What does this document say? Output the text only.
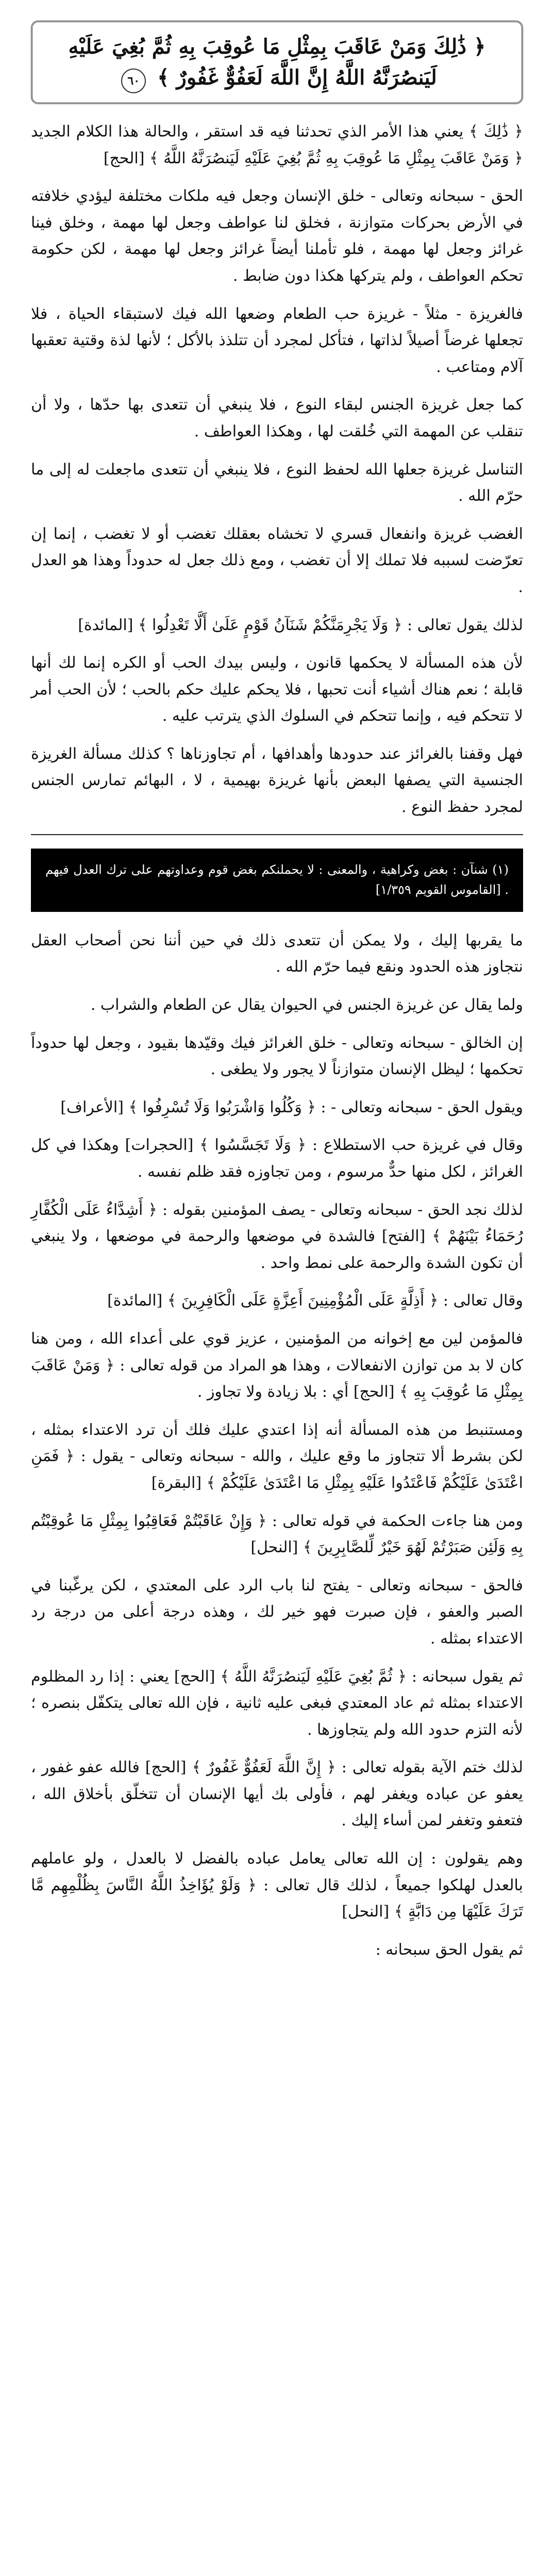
﴿ ذَٰلِكَ وَمَنْ عَاقَبَ بِمِثْلِ مَا عُوقِبَ بِهِ ثُمَّ بُغِيَ عَلَيْهِ لَيَنصُرَنَّهُ اللَّهُ إِنَّ اللَّهَ لَعَفُوٌّ غَفُورٌ ﴾ ٦٠

﴿ ذَٰلِكَ ﴾ يعني هذا الأمر الذي تحدثنا فيه قد استقر ، والحالة هذا الكلام الجديد ﴿ وَمَنْ عَاقَبَ بِمِثْلِ مَا عُوقِبَ بِهِ ثُمَّ بُغِيَ عَلَيْهِ لَيَنصُرَنَّهُ اللَّهُ ﴾ [الحج]

الحق - سبحانه وتعالى - خلق الإنسان وجعل فيه ملكات مختلفة ليؤدي خلافته في الأرض بحركات متوازنة ، فخلق لنا عواطف وجعل لها مهمة ، وخلق فينا غرائز وجعل لها مهمة ، فلو تأملنا أيضاً غرائز وجعل لها مهمة ، لكن حكومة تحكم العواطف ، ولم يتركها هكذا دون ضابط .

فالغريزة - مثلاً - غريزة حب الطعام وضعها الله فيك لاستبقاء الحياة ، فلا تجعلها غرضاً أصيلاً لذاتها ، فتأكل لمجرد أن تتلذذ بالأكل ؛ لأنها لذة وقتية تعقبها آلام ومتاعب .

كما جعل غريزة الجنس لبقاء النوع ، فلا ينبغي أن تتعدى بها حدّها ، ولا أن تنقلب عن المهمة التي خُلقت لها ، وهكذا العواطف .

التناسل غريزة جعلها الله لحفظ النوع ، فلا ينبغي أن تتعدى ماجعلت له إلى ما حرّم الله .

الغضب غريزة وانفعال قسري لا تخشاه بعقلك تغضب أو لا تغضب ، إنما إن تعرّضت لسببه فلا تملك إلا أن تغضب ، ومع ذلك جعل له حدوداً وهذا هو العدل .

لذلك يقول تعالى : ﴿ وَلَا يَجْرِمَنَّكُمْ شَنَآنُ قَوْمٍ عَلَىٰ أَلَّا تَعْدِلُوا ﴾ [المائدة]

لأن هذه المسألة لا يحكمها قانون ، وليس بيدك الحب أو الكره إنما لك أنها قابلة ؛ نعم هناك أشياء أنت تحبها ، فلا يحكم عليك حكم بالحب ؛ لأن الحب أمر لا تتحكم فيه ، وإنما تتحكم في السلوك الذي يترتب عليه .

فهل وقفنا بالغرائز عند حدودها وأهدافها ، أم تجاوزناها ؟ كذلك مسألة الغريزة الجنسية التي يصفها البعض بأنها غريزة بهيمية ، لا ، البهائم تمارس الجنس لمجرد حفظ النوع .

(١) شنآن : بغض وكراهية ، والمعنى : لا يحملنكم بغض قوم وعداوتهم على ترك العدل فيهم . [القاموس القويم ١/٣٥٩]

ما يقربها إليك ، ولا يمكن أن تتعدى ذلك في حين أننا نحن أصحاب العقل نتجاوز هذه الحدود ونقع فيما حرّم الله .

ولما يقال عن غريزة الجنس في الحيوان يقال عن الطعام والشراب .

إن الخالق - سبحانه وتعالى - خلق الغرائز فيك وقيّدها بقيود ، وجعل لها حدوداً تحكمها ؛ ليظل الإنسان متوازناً لا يجور ولا يطغى .

ويقول الحق - سبحانه وتعالى - : ﴿ وَكُلُوا وَاشْرَبُوا وَلَا تُسْرِفُوا ﴾ [الأعراف]

وقال في غريزة حب الاستطلاع : ﴿ وَلَا تَجَسَّسُوا ﴾ [الحجرات] وهكذا في كل الغرائز ، لكل منها حدٌّ مرسوم ، ومن تجاوزه فقد ظلم نفسه .

لذلك نجد الحق - سبحانه وتعالى - يصف المؤمنين بقوله : ﴿ أَشِدَّاءُ عَلَى الْكُفَّارِ رُحَمَاءُ بَيْنَهُمْ ﴾ [الفتح] فالشدة في موضعها والرحمة في موضعها ، ولا ينبغي أن تكون الشدة والرحمة على نمط واحد .

وقال تعالى : ﴿ أَذِلَّةٍ عَلَى الْمُؤْمِنِينَ أَعِزَّةٍ عَلَى الْكَافِرِينَ ﴾ [المائدة]

فالمؤمن لين مع إخوانه من المؤمنين ، عزيز قوي على أعداء الله ، ومن هنا كان لا بد من توازن الانفعالات ، وهذا هو المراد من قوله تعالى : ﴿ وَمَنْ عَاقَبَ بِمِثْلِ مَا عُوقِبَ بِهِ ﴾ [الحج] أي : بلا زيادة ولا تجاوز .

ومستنبط من هذه المسألة أنه إذا اعتدي عليك فلك أن ترد الاعتداء بمثله ، لكن بشرط ألا تتجاوز ما وقع عليك ، والله - سبحانه وتعالى - يقول : ﴿ فَمَنِ اعْتَدَىٰ عَلَيْكُمْ فَاعْتَدُوا عَلَيْهِ بِمِثْلِ مَا اعْتَدَىٰ عَلَيْكُمْ ﴾ [البقرة]

ومن هنا جاءت الحكمة في قوله تعالى : ﴿ وَإِنْ عَاقَبْتُمْ فَعَاقِبُوا بِمِثْلِ مَا عُوقِبْتُم بِهِ وَلَئِن صَبَرْتُمْ لَهُوَ خَيْرٌ لِّلصَّابِرِينَ ﴾ [النحل]

فالحق - سبحانه وتعالى - يفتح لنا باب الرد على المعتدي ، لكن يرغّبنا في الصبر والعفو ، فإن صبرت فهو خير لك ، وهذه درجة أعلى من درجة رد الاعتداء بمثله .

ثم يقول سبحانه : ﴿ ثُمَّ بُغِيَ عَلَيْهِ لَيَنصُرَنَّهُ اللَّهُ ﴾ [الحج] يعني : إذا رد المظلوم الاعتداء بمثله ثم عاد المعتدي فبغى عليه ثانية ، فإن الله تعالى يتكفّل بنصره ؛ لأنه التزم حدود الله ولم يتجاوزها .

لذلك ختم الآية بقوله تعالى : ﴿ إِنَّ اللَّهَ لَعَفُوٌّ غَفُورٌ ﴾ [الحج] فالله عفو غفور ، يعفو عن عباده ويغفر لهم ، فأولى بك أيها الإنسان أن تتخلّق بأخلاق الله ، فتعفو وتغفر لمن أساء إليك .

وهم يقولون : إن الله تعالى يعامل عباده بالفضل لا بالعدل ، ولو عاملهم بالعدل لهلكوا جميعاً ، لذلك قال تعالى : ﴿ وَلَوْ يُؤَاخِذُ اللَّهُ النَّاسَ بِظُلْمِهِم مَّا تَرَكَ عَلَيْهَا مِن دَابَّةٍ ﴾ [النحل]

ثم يقول الحق سبحانه :
